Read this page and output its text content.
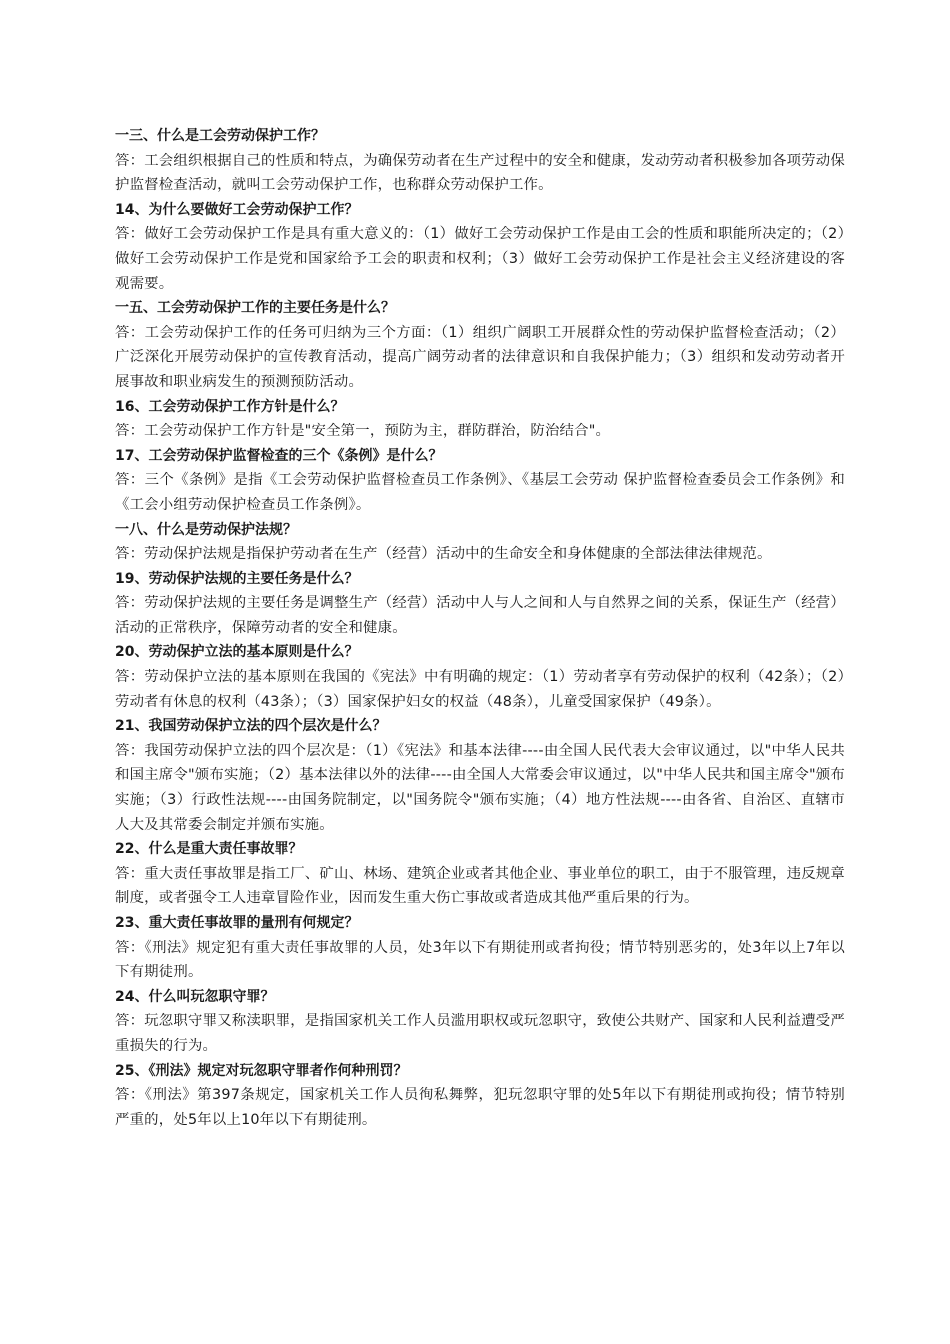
一三、什么是工会劳动保护工作？

答：工会组织根据自己的性质和特点，为确保劳动者在生产过程中的安全和健康，发动劳动者积极参加各项劳动保护监督检查活动，就叫工会劳动保护工作，也称群众劳动保护工作。

14、为什么要做好工会劳动保护工作？

答：做好工会劳动保护工作是具有重大意义的：（1）做好工会劳动保护工作是由工会的性质和职能所决定的；（2）做好工会劳动保护工作是党和国家给予工会的职责和权利；（3）做好工会劳动保护工作是社会主义经济建设的客观需要。

一五、工会劳动保护工作的主要任务是什么？

答：工会劳动保护工作的任务可归纳为三个方面：（1）组织广阔职工开展群众性的劳动保护监督检查活动；（2）广泛深化开展劳动保护的宣传教育活动，提高广阔劳动者的法律意识和自我保护能力；（3）组织和发动劳动者开展事故和职业病发生的预测预防活动。

16、工会劳动保护工作方针是什么？

答：工会劳动保护工作方针是"安全第一，预防为主，群防群治，防治结合"。

17、工会劳动保护监督检查的三个《条例》是什么？

答：三个《条例》是指《工会劳动保护监督检查员工作条例》、《基层工会劳动 保护监督检查委员会工作条例》和《工会小组劳动保护检查员工作条例》。

一八、什么是劳动保护法规？

答：劳动保护法规是指保护劳动者在生产（经营）活动中的生命安全和身体健康的全部法律法律规范。

19、劳动保护法规的主要任务是什么？

答：劳动保护法规的主要任务是调整生产（经营）活动中人与人之间和人与自然界之间的关系，保证生产（经营）活动的正常秩序，保障劳动者的安全和健康。

20、劳动保护立法的基本原则是什么？

答：劳动保护立法的基本原则在我国的《宪法》中有明确的规定：（1）劳动者享有劳动保护的权利（42条）；（2）劳动者有休息的权利（43条）；（3）国家保护妇女的权益（48条），儿童受国家保护（49条）。

21、我国劳动保护立法的四个层次是什么？

答：我国劳动保护立法的四个层次是：（1）《宪法》和基本法律----由全国人民代表大会审议通过，以"中华人民共和国主席令"颁布实施；（2）基本法律以外的法律----由全国人大常委会审议通过，以"中华人民共和国主席令"颁布实施；（3）行政性法规----由国务院制定，以"国务院令"颁布实施；（4）地方性法规----由各省、自治区、直辖市人大及其常委会制定并颁布实施。

22、什么是重大责任事故罪？

答：重大责任事故罪是指工厂、矿山、林场、建筑企业或者其他企业、事业单位的职工，由于不服管理，违反规章制度，或者强令工人违章冒险作业，因而发生重大伤亡事故或者造成其他严重后果的行为。

23、重大责任事故罪的量刑有何规定？

答：《刑法》规定犯有重大责任事故罪的人员，处3年以下有期徒刑或者拘役；情节特别恶劣的，处3年以上7年以下有期徒刑。

24、什么叫玩忽职守罪？

答：玩忽职守罪又称渎职罪，是指国家机关工作人员滥用职权或玩忽职守，致使公共财产、国家和人民利益遭受严重损失的行为。

25、《刑法》规定对玩忽职守罪者作何种刑罚？

答：《刑法》第397条规定，国家机关工作人员徇私舞弊，犯玩忽职守罪的处5年以下有期徒刑或拘役；情节特别严重的，处5年以上10年以下有期徒刑。
